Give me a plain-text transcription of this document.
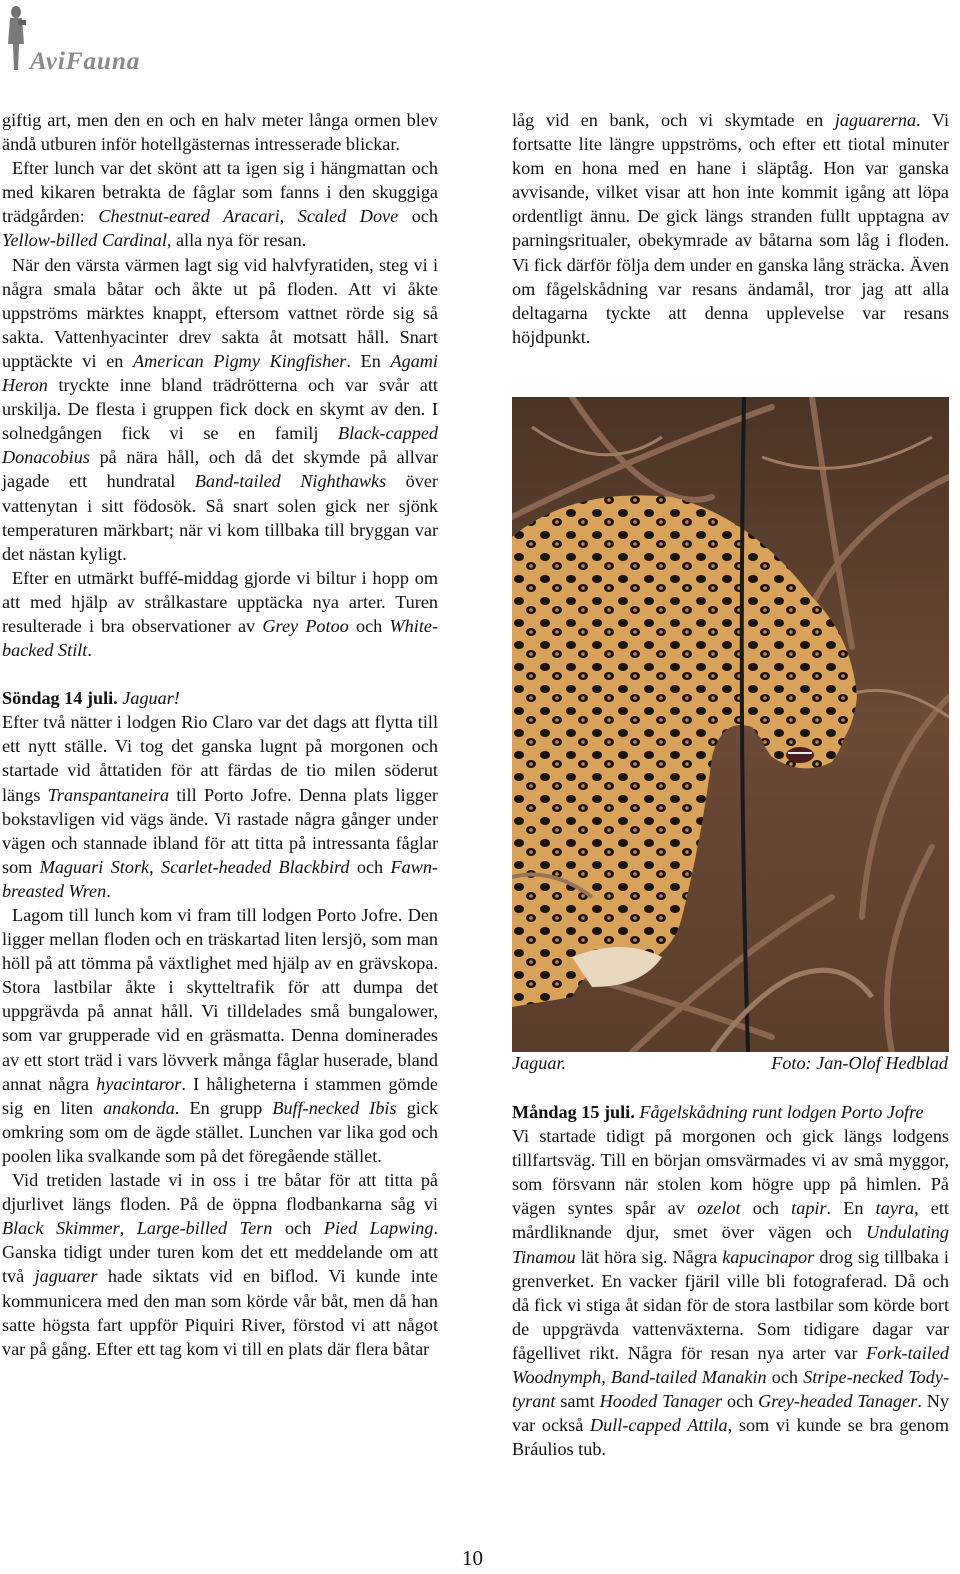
AviFauna

giftig art, men den en och en halv meter långa ormen blev ändå utburen inför hotellgästernas intresserade blickar.

Efter lunch var det skönt att ta igen sig i hängmattan och med kikaren betrakta de fåglar som fanns i den skuggiga trädgården: Chestnut-eared Aracari, Scaled Dove och Yellow-billed Cardinal, alla nya för resan.

När den värsta värmen lagt sig vid halvfyratiden, steg vi i några smala båtar och åkte ut på floden. Att vi åkte uppströms märktes knappt, eftersom vattnet rörde sig så sakta. Vattenhyacinter drev sakta åt motsatt håll. Snart upptäckte vi en American Pigmy Kingfisher. En Agami Heron tryckte inne bland trädrötterna och var svår att urskilja. De flesta i gruppen fick dock en skymt av den. I solnedgången fick vi se en familj Black-capped Donacobius på nära håll, och då det skymde på allvar jagade ett hundratal Band-tailed Nighthawks över vattenytan i sitt födosök. Så snart solen gick ner sjönk temperaturen märkbart; när vi kom tillbaka till bryggan var det nästan kyligt.

Efter en utmärkt buffé-middag gjorde vi biltur i hopp om att med hjälp av strålkastare upptäcka nya arter. Turen resulterade i bra observationer av Grey Potoo och White-backed Stilt.

Söndag 14 juli. Jaguar!

Efter två nätter i lodgen Rio Claro var det dags att flytta till ett nytt ställe. Vi tog det ganska lugnt på morgonen och startade vid åttatiden för att färdas de tio milen söderut längs Transpantaneira till Porto Jofre. Denna plats ligger bokstavligen vid vägs ände. Vi rastade några gånger under vägen och stannade ibland för att titta på intressanta fåglar som Maguari Stork, Scarlet-headed Blackbird och Fawn-breasted Wren.

Lagom till lunch kom vi fram till lodgen Porto Jofre. Den ligger mellan floden och en träskartad liten lersjö, som man höll på att tömma på växtlighet med hjälp av en grävskopa. Stora lastbilar åkte i skytteltrafik för att dumpa det uppgrävda på annat håll. Vi tilldelades små bungalower, som var grupperade vid en gräsmatta. Denna dominerades av ett stort träd i vars lövverk många fåglar huserade, bland annat några hyacintaror. I håligheterna i stammen gömde sig en liten anakonda. En grupp Buff-necked Ibis gick omkring som om de ägde stället. Lunchen var lika god och poolen lika svalkande som på det föregående stället.

Vid tretiden lastade vi in oss i tre båtar för att titta på djurlivet längs floden. På de öppna flodbankarna såg vi Black Skimmer, Large-billed Tern och Pied Lapwing. Ganska tidigt under turen kom det ett meddelande om att två jaguarer hade siktats vid en biflod. Vi kunde inte kommunicera med den man som körde vår båt, men då han satte högsta fart uppför Piquiri River, förstod vi att något var på gång. Efter ett tag kom vi till en plats där flera båtar

låg vid en bank, och vi skymtade en jaguarerna. Vi fortsatte lite längre uppströms, och efter ett tiotal minuter kom en hona med en hane i släptåg. Hon var ganska avvisande, vilket visar att hon inte kommit igång att löpa ordentligt ännu. De gick längs stranden fullt upptagna av parningsritualer, obekymrade av båtarna som låg i floden. Vi fick därför följa dem under en ganska lång sträcka. Även om fågelskådning var resans ändamål, tror jag att alla deltagarna tyckte att denna upplevelse var resans höjdpunkt.

Jaguar.	Foto: Jan-Olof Hedblad

Måndag 15 juli. Fågelskådning runt lodgen Porto Jofre

Vi startade tidigt på morgonen och gick längs lodgens tillfartsväg. Till en början omsvärmades vi av små myggor, som försvann när stolen kom högre upp på himlen. På vägen syntes spår av ozelot och tapir. En tayra, ett mårdliknande djur, smet över vägen och Undulating Tinamou lät höra sig. Några kapucinapor drog sig tillbaka i grenverket. En vacker fjäril ville bli fotograferad. Då och då fick vi stiga åt sidan för de stora lastbilar som körde bort de uppgrävda vattenväxterna. Som tidigare dagar var fågellivet rikt. Några för resan nya arter var Fork-tailed Woodnymph, Band-tailed Manakin och Stripe-necked Tody-tyrant samt Hooded Tanager och Grey-headed Tanager. Ny var också Dull-capped Attila, som vi kunde se bra genom Bráulios tub.

10
